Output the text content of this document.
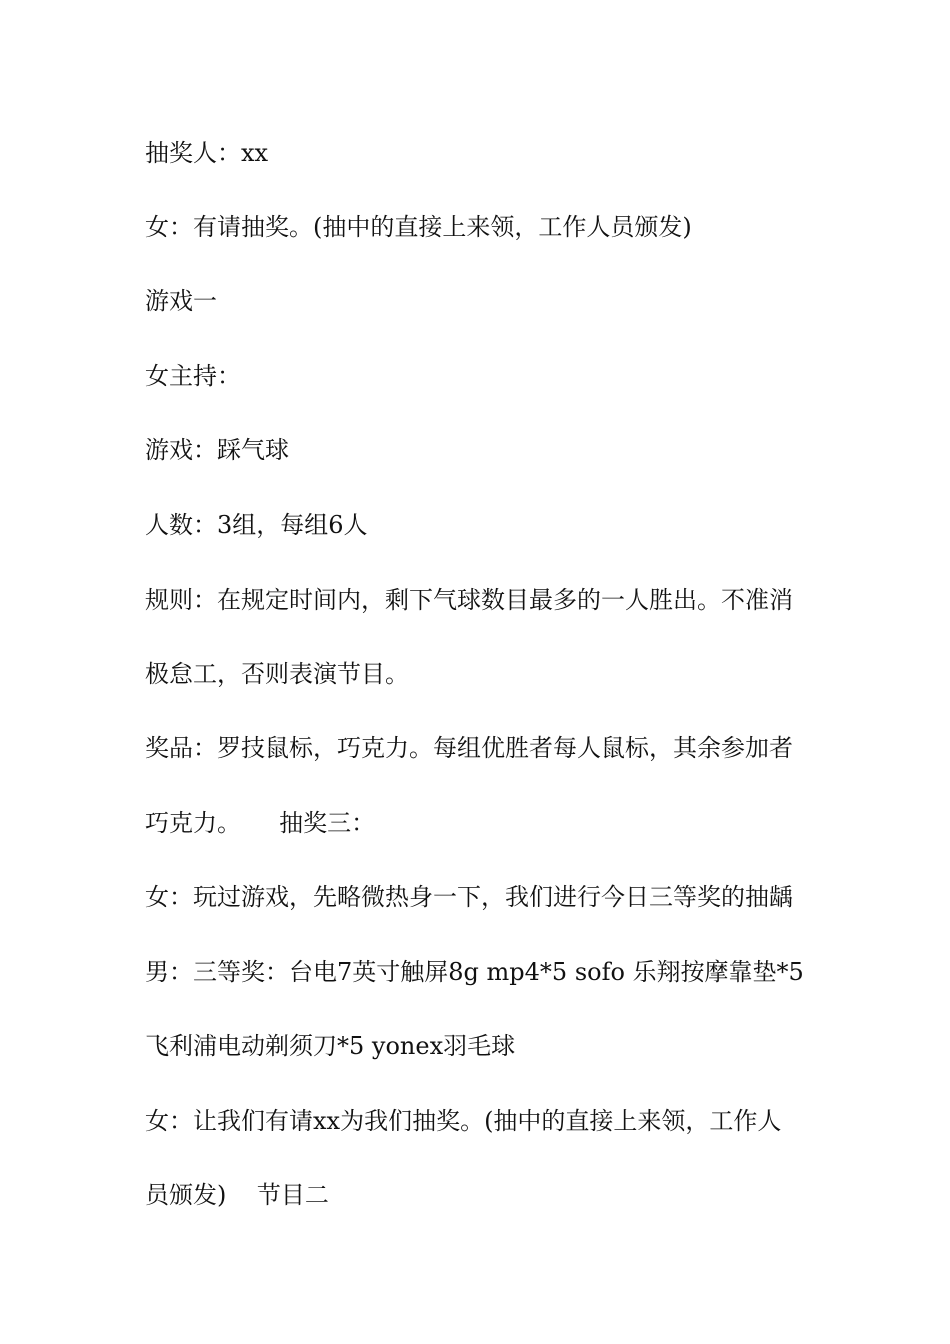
抽奖人：xx
女：有请抽奖。(抽中的直接上来领，工作人员颁发)
游戏一
女主持：
游戏：踩气球
人数：3组，每组6人
规则：在规定时间内，剩下气球数目最多的一人胜出。不准消
极怠工，否则表演节目。
奖品：罗技鼠标，巧克力。每组优胜者每人鼠标，其余参加者
巧克力。     抽奖三：
女：玩过游戏，先略微热身一下，我们进行今日三等奖的抽龋
男：三等奖：台电7英寸触屏8g mp4*5 sofo 乐翔按摩靠垫*5
飞利浦电动剃须刀*5 yonex羽毛球
女：让我们有请xx为我们抽奖。(抽中的直接上来领，工作人
员颁发)    节目二
